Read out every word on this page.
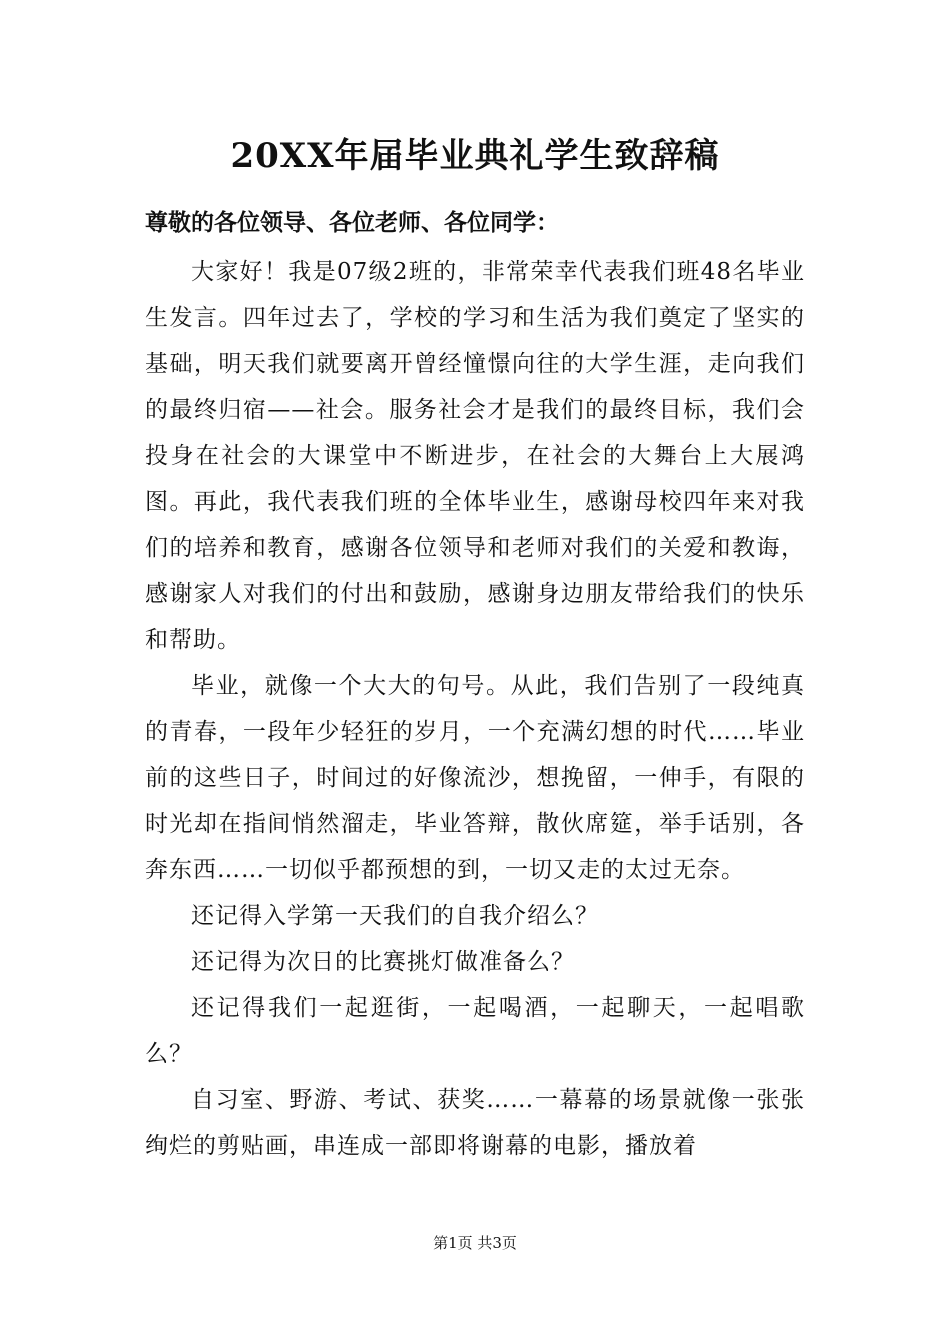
20XX年届毕业典礼学生致辞稿
尊敬的各位领导、各位老师、各位同学：

大家好！我是07级2班的，非常荣幸代表我们班48名毕业生发言。四年过去了，学校的学习和生活为我们奠定了坚实的基础，明天我们就要离开曾经憧憬向往的大学生涯，走向我们的最终归宿——社会。服务社会才是我们的最终目标，我们会投身在社会的大课堂中不断进步，在社会的大舞台上大展鸿图。再此，我代表我们班的全体毕业生，感谢母校四年来对我们的培养和教育，感谢各位领导和老师对我们的关爱和教诲，感谢家人对我们的付出和鼓励，感谢身边朋友带给我们的快乐和帮助。

毕业，就像一个大大的句号。从此，我们告别了一段纯真的青春，一段年少轻狂的岁月，一个充满幻想的时代……毕业前的这些日子，时间过的好像流沙，想挽留，一伸手，有限的时光却在指间悄然溜走，毕业答辩，散伙席筵，举手话别，各奔东西……一切似乎都预想的到，一切又走的太过无奈。

还记得入学第一天我们的自我介绍么？

还记得为次日的比赛挑灯做准备么？

还记得我们一起逛街，一起喝酒，一起聊天，一起唱歌么？

自习室、野游、考试、获奖……一幕幕的场景就像一张张绚烂的剪贴画，串连成一部即将谢幕的电影，播放着

第1页 共3页
